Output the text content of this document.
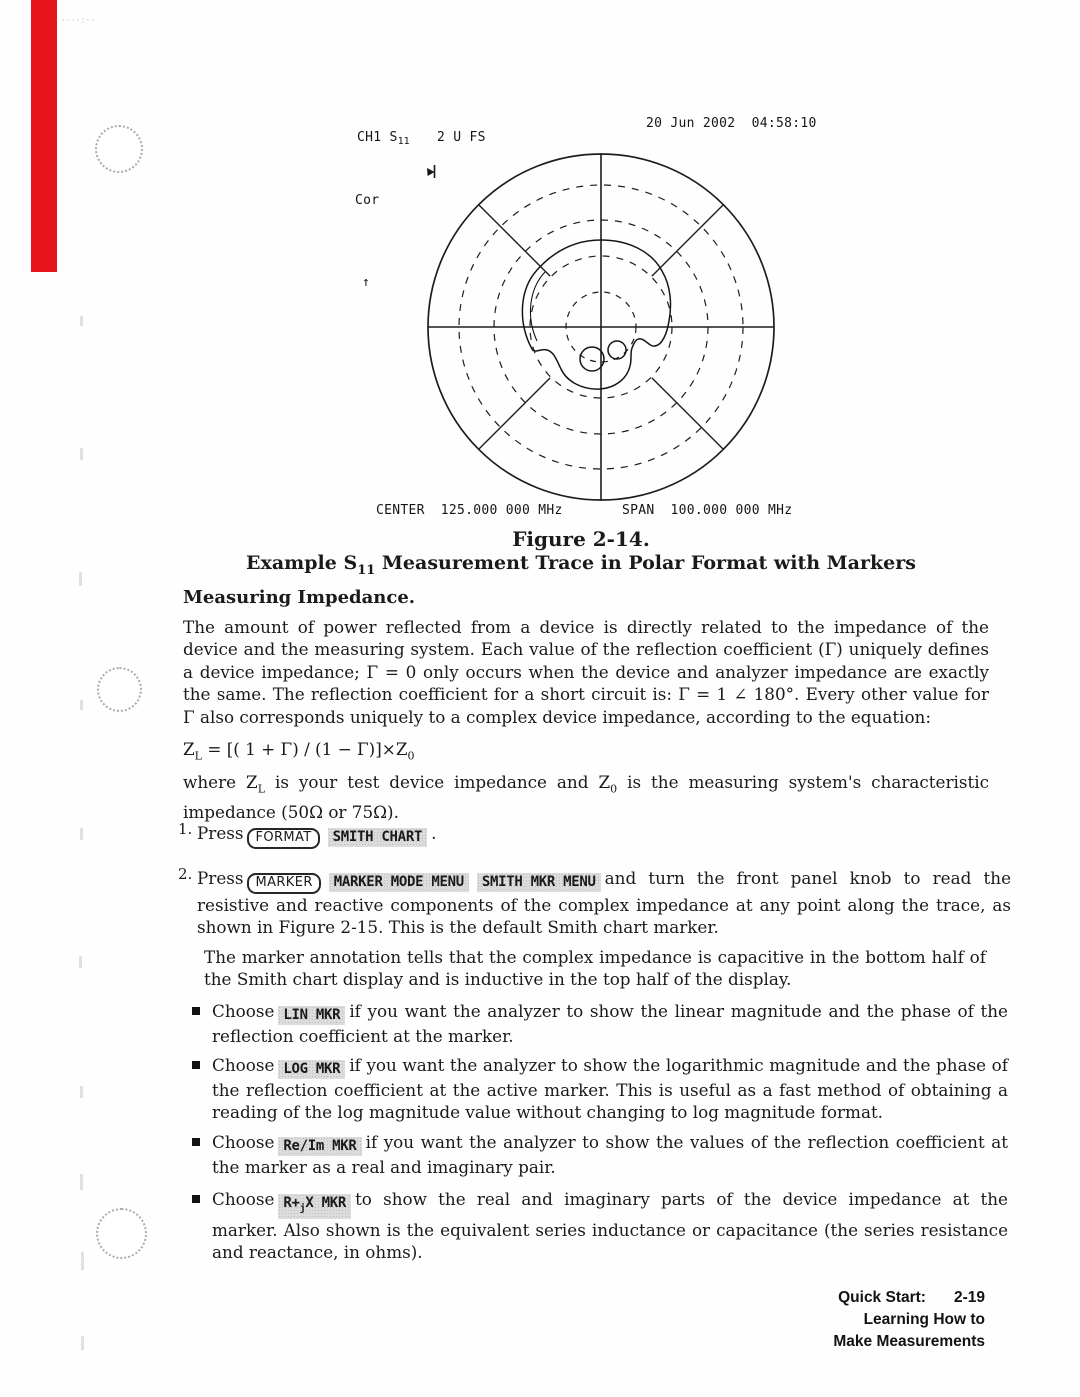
····:··
CH1 $S_{11}$ 2 U FS

Cor
↑
20 Jun 2002  04:58:10
CENTER 125.000 000 MHz	SPAN 100.000 000 MHz
Figure 2-14.
Example $S_{11}$ Measurement Trace in Polar Format with Markers
Measuring Impedance.
The amount of power reflected from a device is directly related to the impedance of the device and the measuring system. Each value of the reflection coefficient (Γ) uniquely defines a device impedance; Γ = 0 only occurs when the device and analyzer impedance are exactly the same. The reflection coefficient for a short circuit is: Γ = 1 ∠ 180°. Every other value for Γ also corresponds uniquely to a complex device impedance, according to the equation:
$Z_L$ = [( $1 + \Gamma) / (1 - \Gamma)]\times Z_0$
where $Z_L$ is your test device impedance and $Z_0$ is the measuring system's characteristic impedance (50Ω or 75Ω).
1. Press FORMAT SMITH CHART .
2. Press MARKER MARKER MODE MENU SMITH MKR MENU and turn the front panel knob to read the resistive and reactive components of the complex impedance at any point along the trace, as shown in Figure 2-15. This is the default Smith chart marker.
The marker annotation tells that the complex impedance is capacitive in the bottom half of the Smith chart display and is inductive in the top half of the display.
Choose LIN MKR if you want the analyzer to show the linear magnitude and the phase of the reflection coefficient at the marker.
Choose LOG MKR if you want the analyzer to show the logarithmic magnitude and the phase of the reflection coefficient at the active marker. This is useful as a fast method of obtaining a reading of the log magnitude value without changing to log magnitude format.
Choose Re/Im MKR if you want the analyzer to show the values of the reflection coefficient at the marker as a real and imaginary pair.
Choose $R+_jX$ MKR to show the real and imaginary parts of the device impedance at the marker. Also shown is the equivalent series inductance or capacitance (the series resistance and reactance, in ohms).
Quick Start: 2-19
Learning How to
Make Measurements
